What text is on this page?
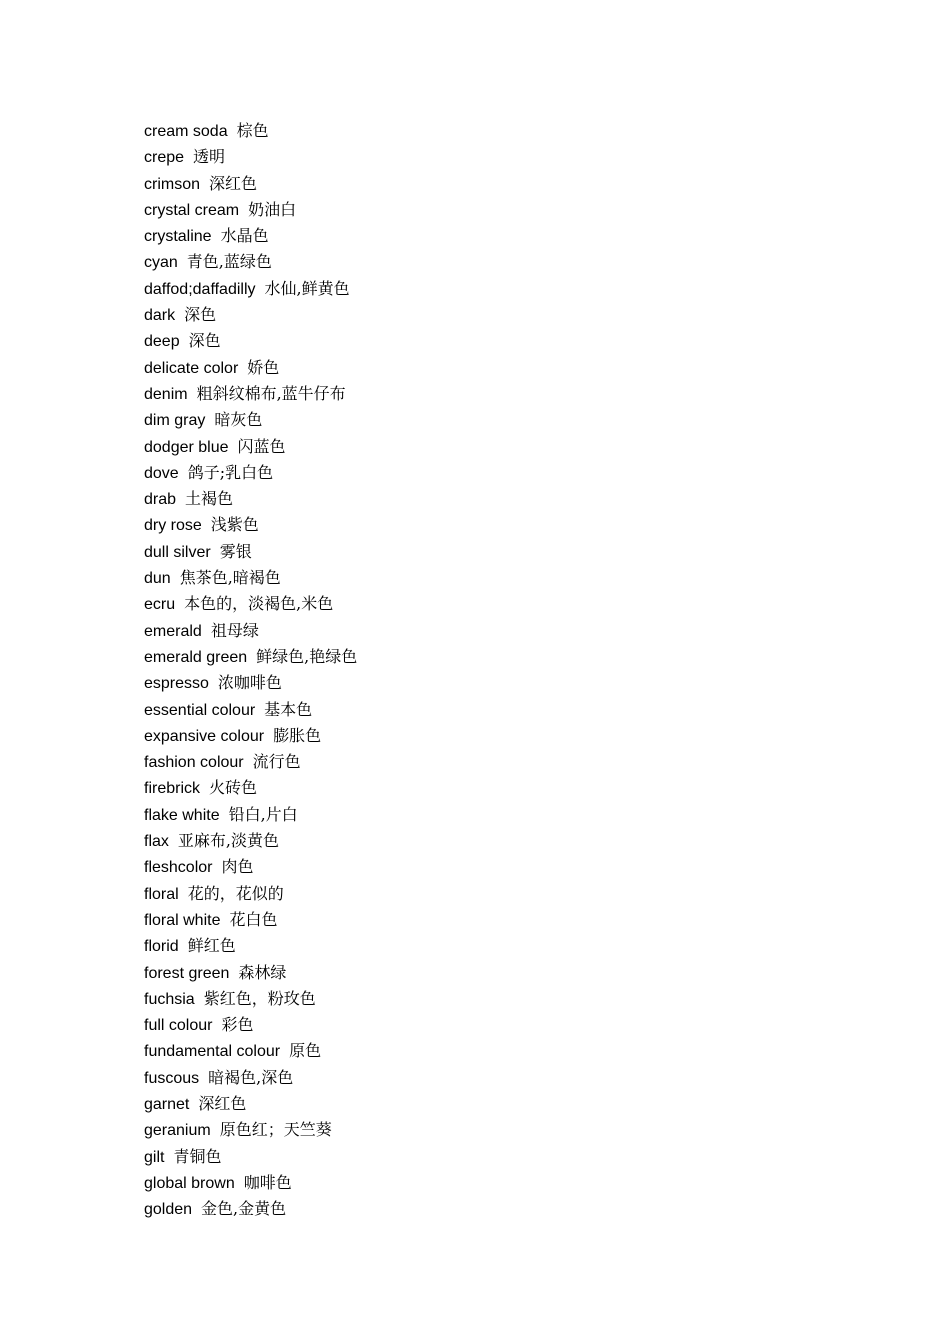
cream soda 棕色
crepe 透明
crimson 深红色
crystal cream 奶油白
crystaline 水晶色
cyan 青色,蓝绿色
daffod;daffadilly 水仙,鲜黄色
dark 深色
deep 深色
delicate color 娇色
denim 粗斜纹棉布,蓝牛仔布
dim gray 暗灰色
dodger blue 闪蓝色
dove 鸽子;乳白色
drab 土褐色
dry rose 浅紫色
dull silver 雾银
dun 焦茶色,暗褐色
ecru 本色的，淡褐色,米色
emerald 祖母绿
emerald green 鲜绿色,艳绿色
espresso 浓咖啡色
essential colour 基本色
expansive colour 膨胀色
fashion colour 流行色
firebrick 火砖色
flake white 铅白,片白
flax 亚麻布,淡黄色
fleshcolor 肉色
floral 花的，花似的
floral white 花白色
florid 鲜红色
forest green 森林绿
fuchsia 紫红色，粉玫色
full colour 彩色
fundamental colour 原色
fuscous 暗褐色,深色
garnet 深红色
geranium 原色红；天竺葵
gilt 青铜色
global brown 咖啡色
golden 金色,金黄色
